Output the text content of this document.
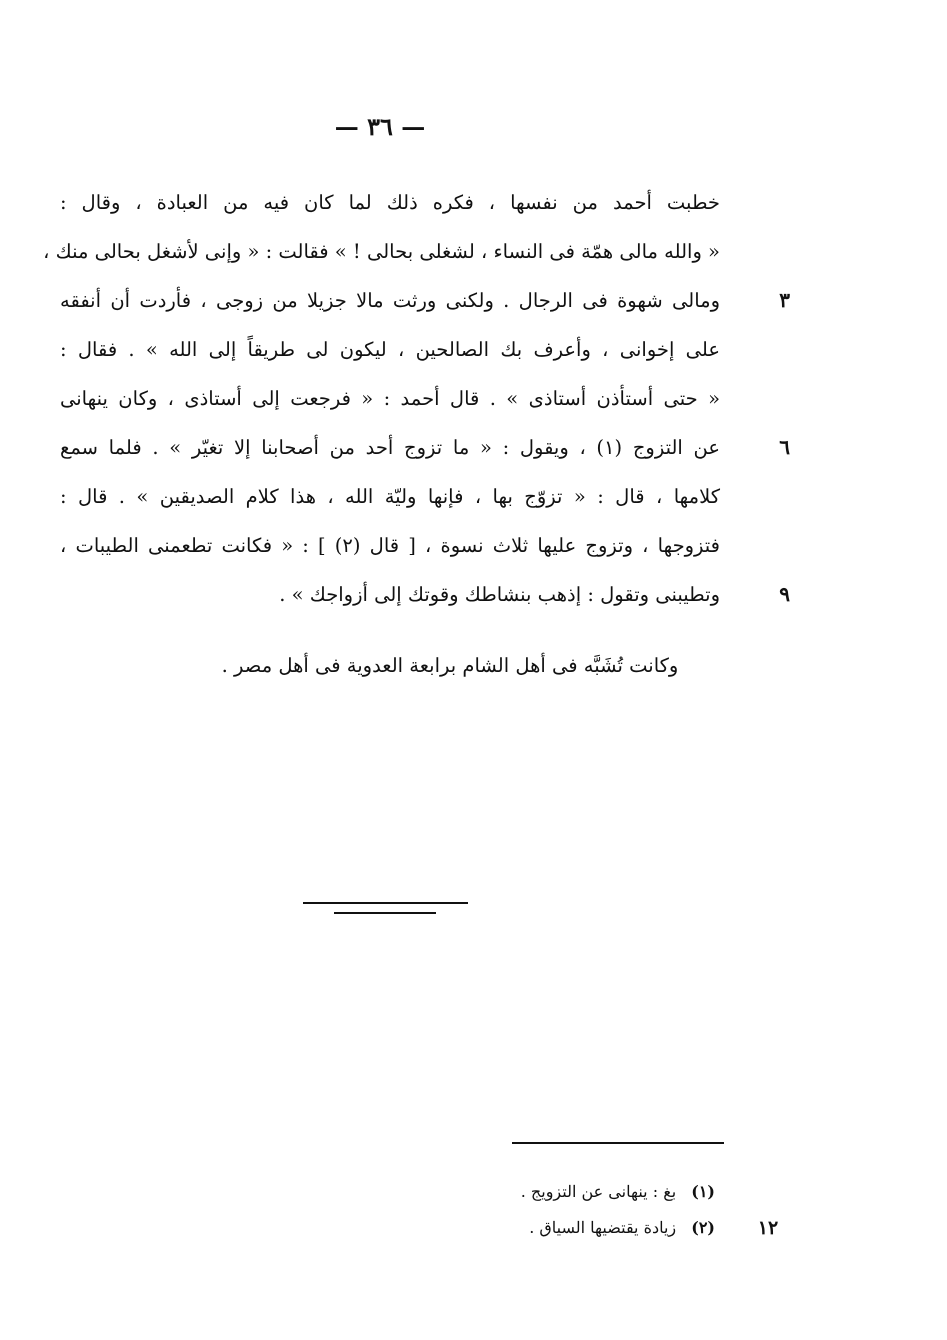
— ٣٦ —
خطبت أحمد من نفسها ، فكره ذلك لما كان فيه من العبادة ، وقال :
« والله مالى همّة فى النساء ، لشغلى بحالى ! » فقالت : « وإنى لأشغل بحالى منك ،
٣
ومالى شهوة فى الرجال . ولكنى ورثت مالا جزيلا من زوجى ، فأردت أن أنفقه
على إخوانى ، وأعرف بك الصالحين ، ليكون لى طريقاً إلى الله » . فقال :
« حتى أستأذن أستاذى » . قال أحمد : « فرجعت إلى أستاذى ، وكان ينهانى
٦
عن التزوج (١) ، ويقول : « ما تزوج أحد من أصحابنا إلا تغيّر » . فلما سمع
كلامها ، قال : « تزوّج بها ، فإنها وليّة الله ، هذا كلام الصديقين » . قال :
فتزوجها ، وتزوج عليها ثلاث نسوة ، [ قال (٢) ] : « فكانت تطعمنى الطيبات ،
٩
وتطيبنى وتقول : إذهب بنشاطك وقوتك إلى أزواجك » .
وكانت تُشَبَّه فى أهل الشام برابعة العدوية فى أهل مصر .
(١) بغ : ينهانى عن التزويج .
١٢
(٢) زيادة يقتضيها السياق .
